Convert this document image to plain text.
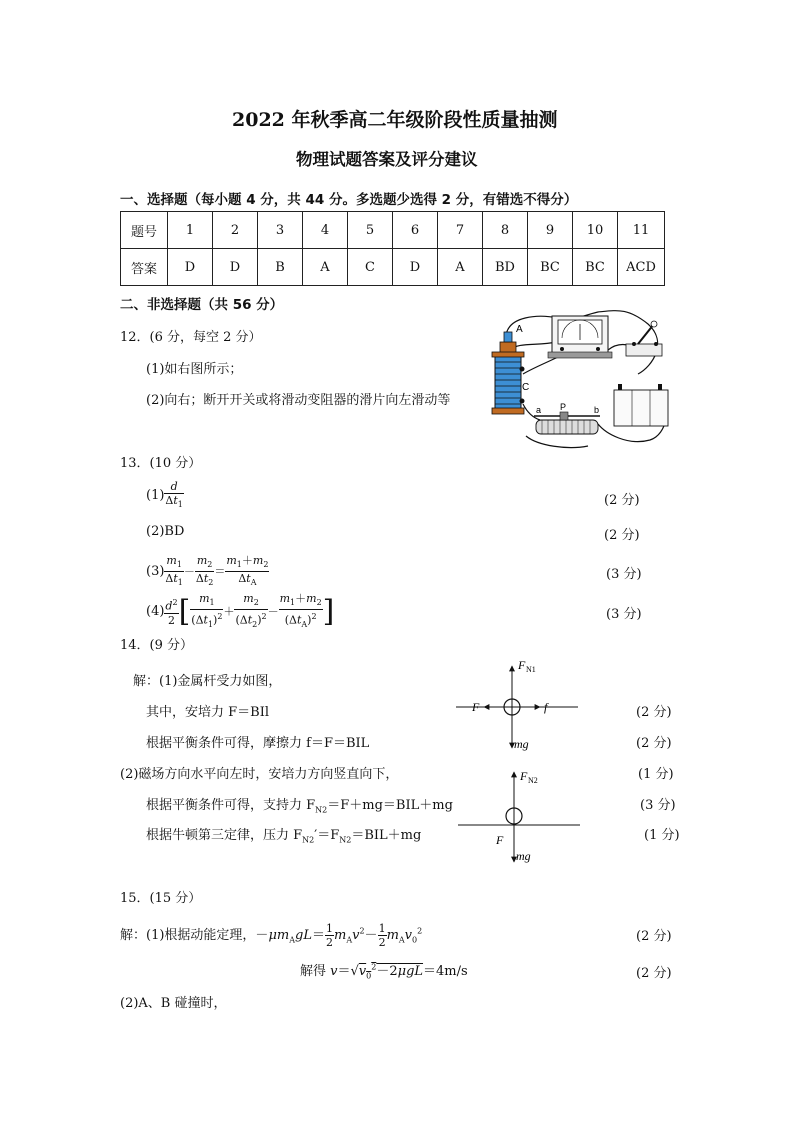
2022 年秋季高二年级阶段性质量抽测
物理试题答案及评分建议
一、选择题（每小题 4 分，共 44 分。多选题少选得 2 分，有错选不得分）
题号	1	2	3	4	5	6	7	8	9	10	11
答案	D	D	B	A	C	D	A	BD	BC	BC	ACD
二、非选择题（共 56 分）
12．(6 分，每空 2 分）
(1)如右图所示；
(2)向右；断开开关或将滑动变阻器的滑片向左滑动等
A
C
a P	b
13．(10 分）
$(1) \frac{d}{\Delta t_1}$	(2 分)
(2)BD	(2 分)
$(3) \frac{m_1}{\Delta t_1} - \frac{m_2}{\Delta t_2} = \frac{m_1+m_2}{\Delta t_A}$	(3 分)
$(4) \frac{d^2}{2}$ [ $\frac{m_1}{(\Delta t_1)^2} + \frac{m_2}{(\Delta t_2)^2} - \frac{m_1+m_2}{(\Delta t_A)^2}$ ]	(3 分)
14．(9 分）
解：(1)金属杆受力如图，
其中，安培力 F＝BIl	(2 分)
根据平衡条件可得，摩擦力 f＝F＝BIL	(2 分)
(2)磁场方向水平向左时，安培力方向竖直向下，	(1 分)
根据平衡条件可得，支持力 $F_{N2}=F+mg=BIL+mg$	(3 分)
根据牛顿第三定律，压力 $F_{N2}'=F_{N2}=BIL+mg$	(1 分)
F N1
F	f
mg
F N2
F
mg
15．(15 分）
解：(1)根据动能定理，$-\mu m_AgL= \frac{1}{2} m_Av^2- \frac{1}{2} m_Av_0^2$	(2 分)
解得 $v=√v_0^2-2\mu gL=4m/s$	(2 分)
(2)A、B 碰撞时，
